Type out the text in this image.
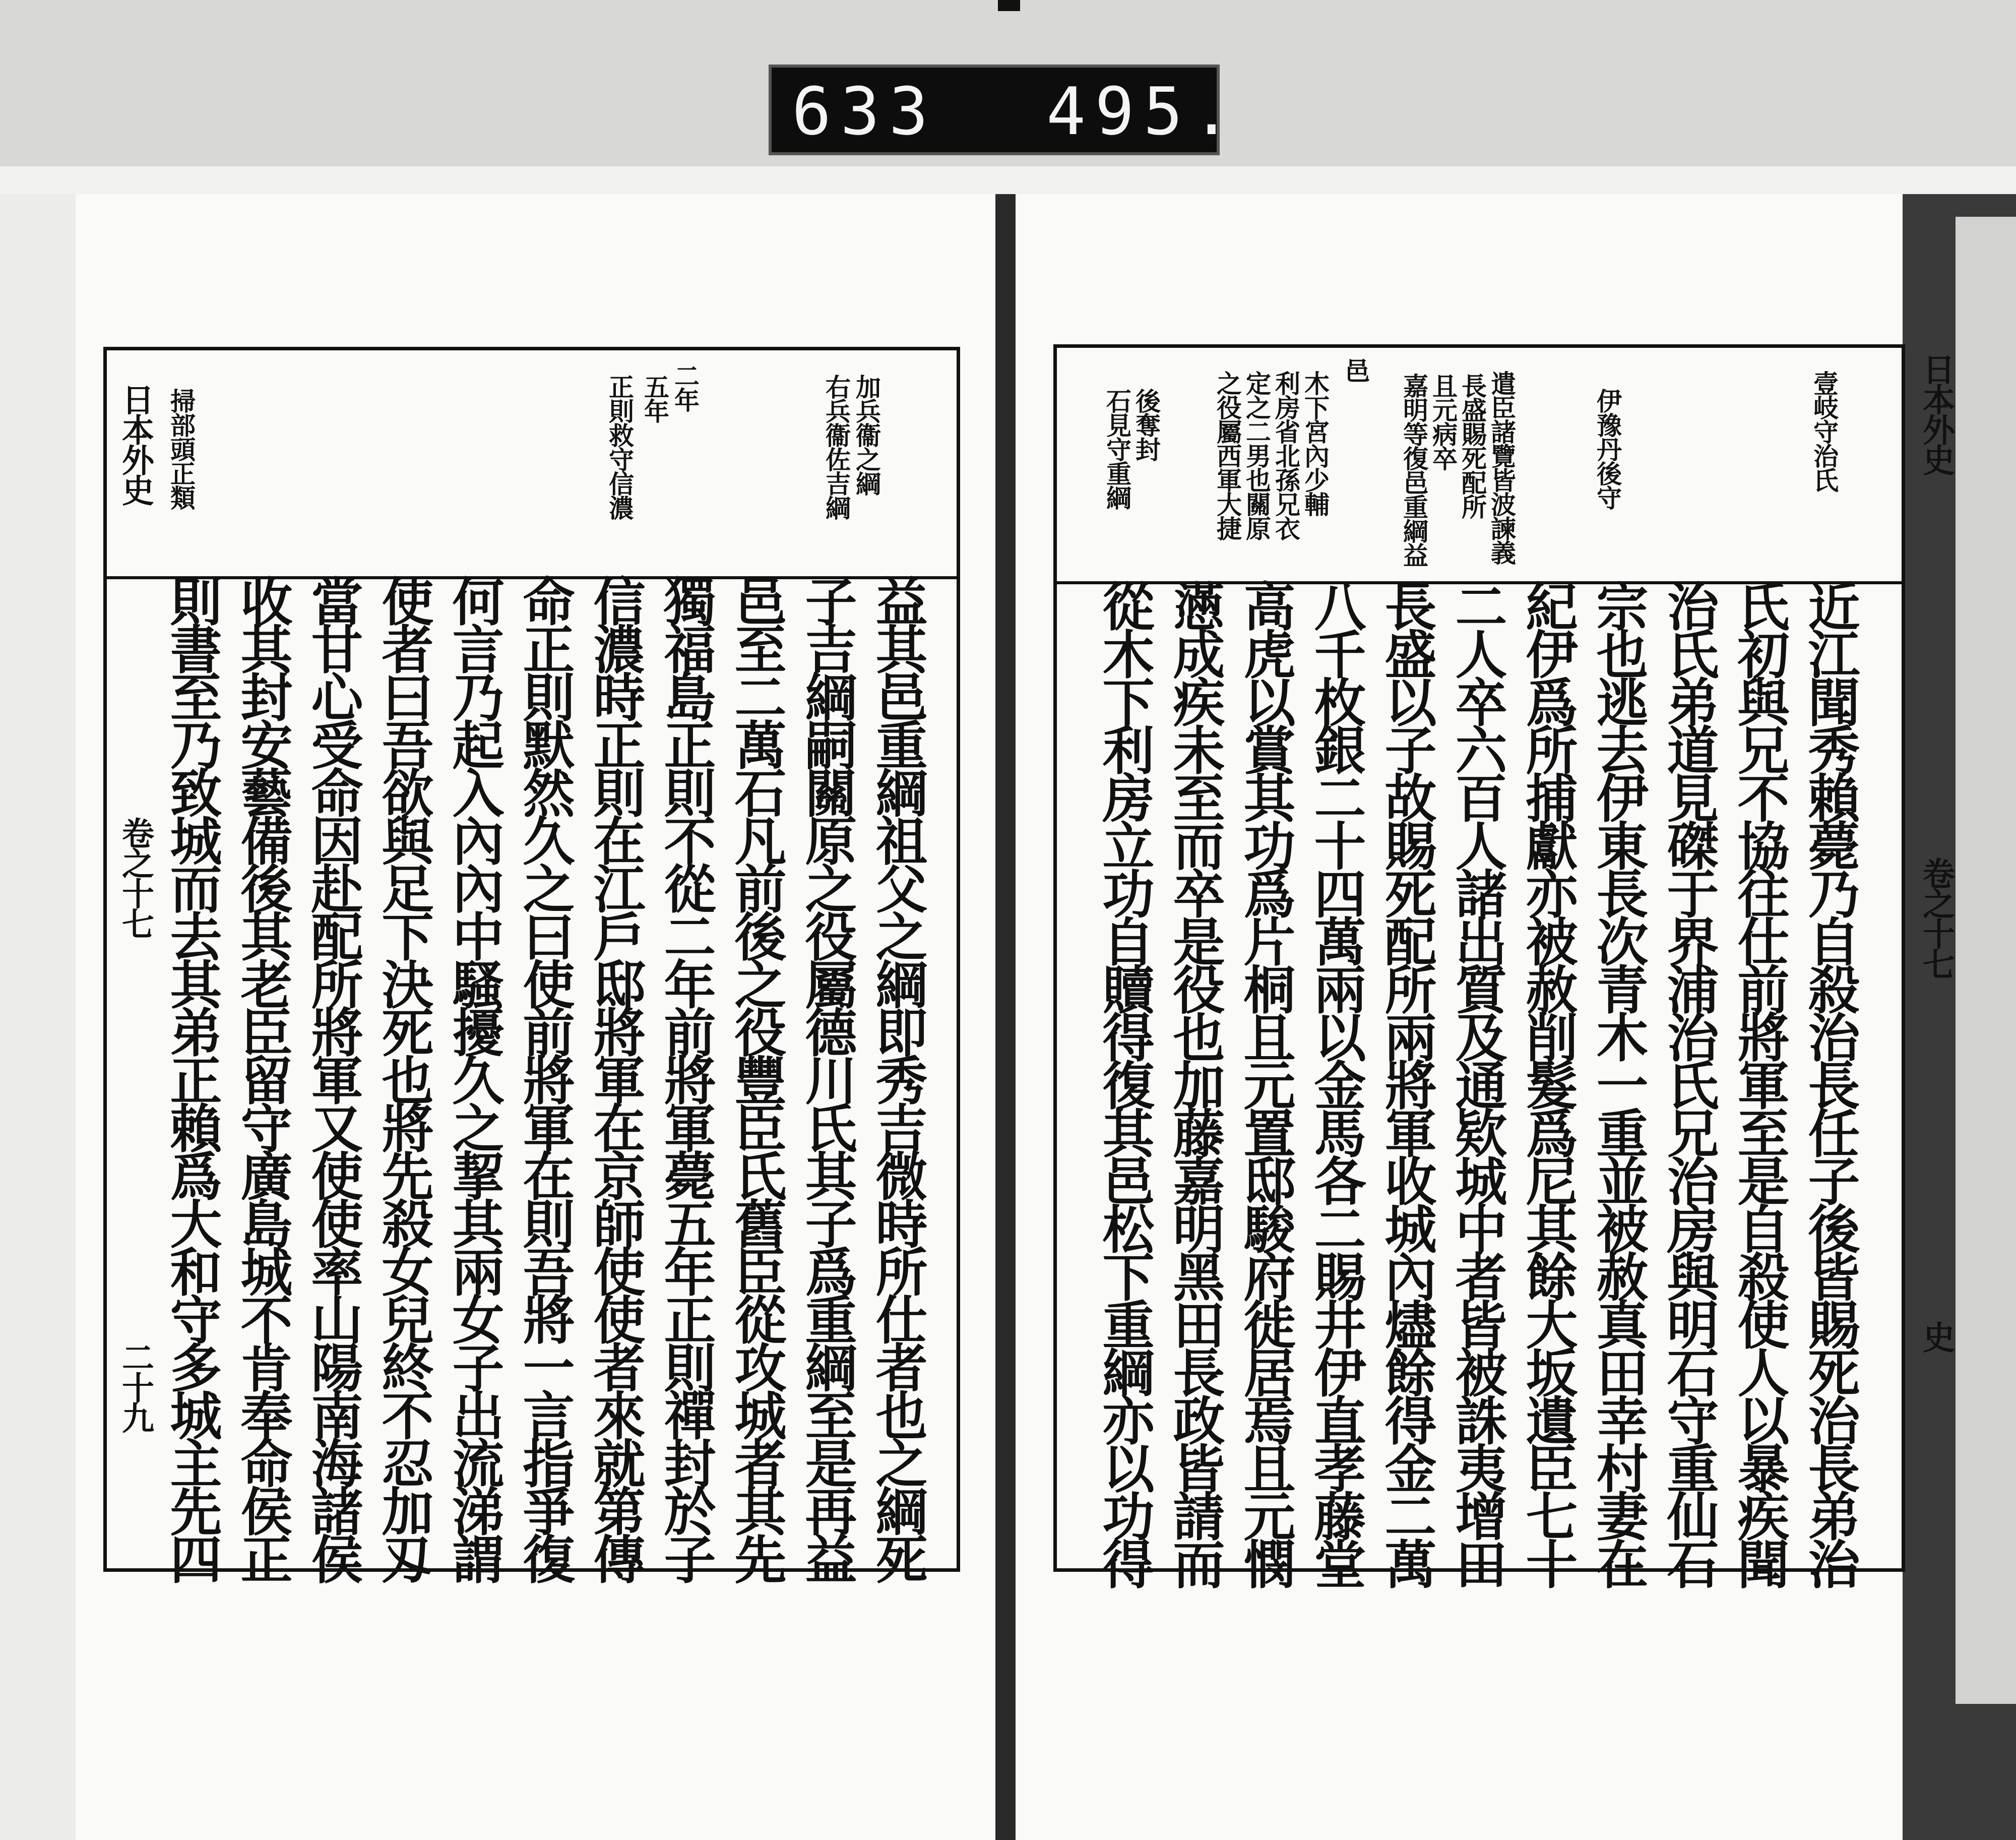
633 495.
日本外史
卷之十七
二十九
加兵衞之綱
右兵衞佐吉綱
二年
五年
正則救守信濃
掃部頭正類
益其邑重綱祖父之綱即秀吉微時所仕者也之綱死
子吉綱嗣關原之役屬德川氏其子爲重綱至是再益
邑至二萬石凡前後之役豐臣氏舊臣從攻城者其先
獨福島正則不從二年前將軍薨五年正則禪封於子
信濃時正則在江戶邸將軍在京師使使者來就第傳
命正則默然久之曰使前將軍在則吾將一言指爭復
何言乃起入內內中騷擾久之挈其兩女子出流涕謂
使者曰吾欲與足下決死也將先殺女兒終不忍加刄
當甘心受命因赴配所將軍又使使率山陽南海諸侯
收其封安藝備後其老臣留守廣島城不肯奉命侯正
則書至乃致城而去其弟正賴爲大和守多城主先四
日本外史
卷之十七
史
壹岐守治氏
伊豫丹後守
遣臣諸覽皆波諫義
長盛賜死配所
且元病卒
嘉明等復邑重綱益
邑
木下宮內少輔
利房省北孫兄衣
定之二男也關原
之役屬西軍大捷
後奪封
石見守重綱
近江聞秀賴薨乃自殺治長任子後皆賜死治長弟治
氏初與兄不協往仕前將軍至是自殺使人以暴疾聞
治氏弟道見磔于界浦治氏兄治房與明石守重仙石
宗也逃去伊東長次青木一重並被赦真田幸村妻在
紀伊爲所捕獻亦被赦削髮爲尼其餘大坂遺臣七十
二人卒六百人諸出質及通欵城中者皆被誅夷增田
長盛以子故賜死配所兩將軍收城內燼餘得金二萬
八千枚銀二十四萬兩以金馬各二賜井伊直孝藤堂
高虎以賞其功爲片桐且元置邸駿府徙居焉且元憫
懣成疾未至而卒是役也加藤嘉明黑田長政皆請而
從木下利房立功自贖得復其邑松下重綱亦以功得
